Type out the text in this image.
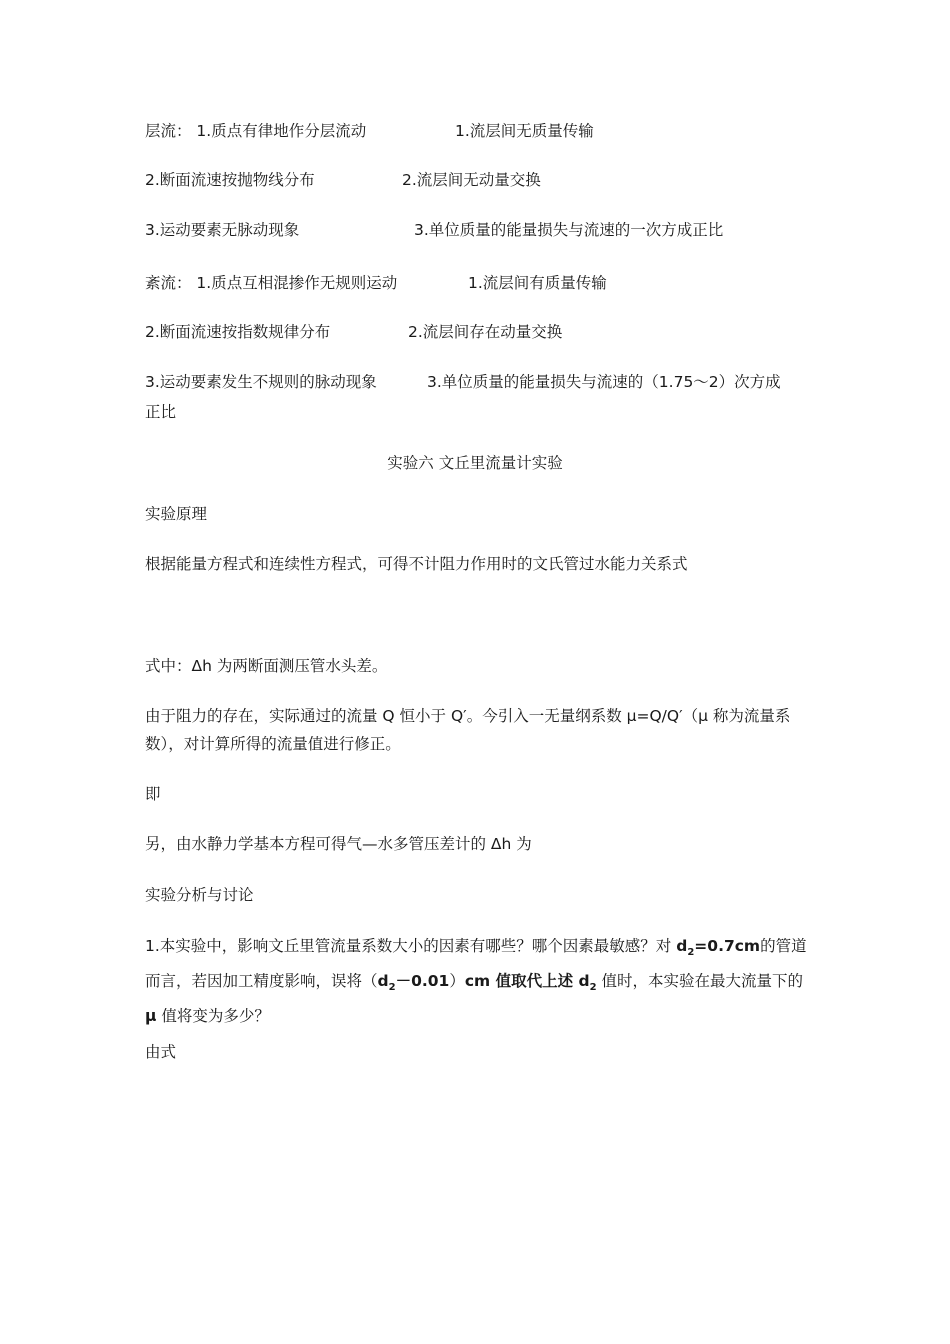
层流： 1.质点有律地作分层流动	1.流层间无质量传输
2.断面流速按抛物线分布	2.流层间无动量交换
3.运动要素无脉动现象	3.单位质量的能量损失与流速的一次方成正比
紊流： 1.质点互相混掺作无规则运动	1.流层间有质量传输
2.断面流速按指数规律分布	2.流层间存在动量交换
3.运动要素发生不规则的脉动现象	3.单位质量的能量损失与流速的（1.75～2）次方成
正比
实验六 文丘里流量计实验
实验原理
根据能量方程式和连续性方程式，可得不计阻力作用时的文氏管过水能力关系式
式中：Δh 为两断面测压管水头差。
由于阻力的存在，实际通过的流量 Q 恒小于 Q′。今引入一无量纲系数 μ=Q/Q′（μ 称为流量系数），对计算所得的流量值进行修正。
即
另，由水静力学基本方程可得气—水多管压差计的 Δh 为
实验分析与讨论
1.本实验中，影响文丘里管流量系数大小的因素有哪些？哪个因素最敏感？对 $d_2=0.7cm$的管道而言，若因加工精度影响，误将$(d_2-0.01)cm$ 值取代上述 $d_2$ 值时，本实验在最大流量下的 μ 值将变为多少？
由式
